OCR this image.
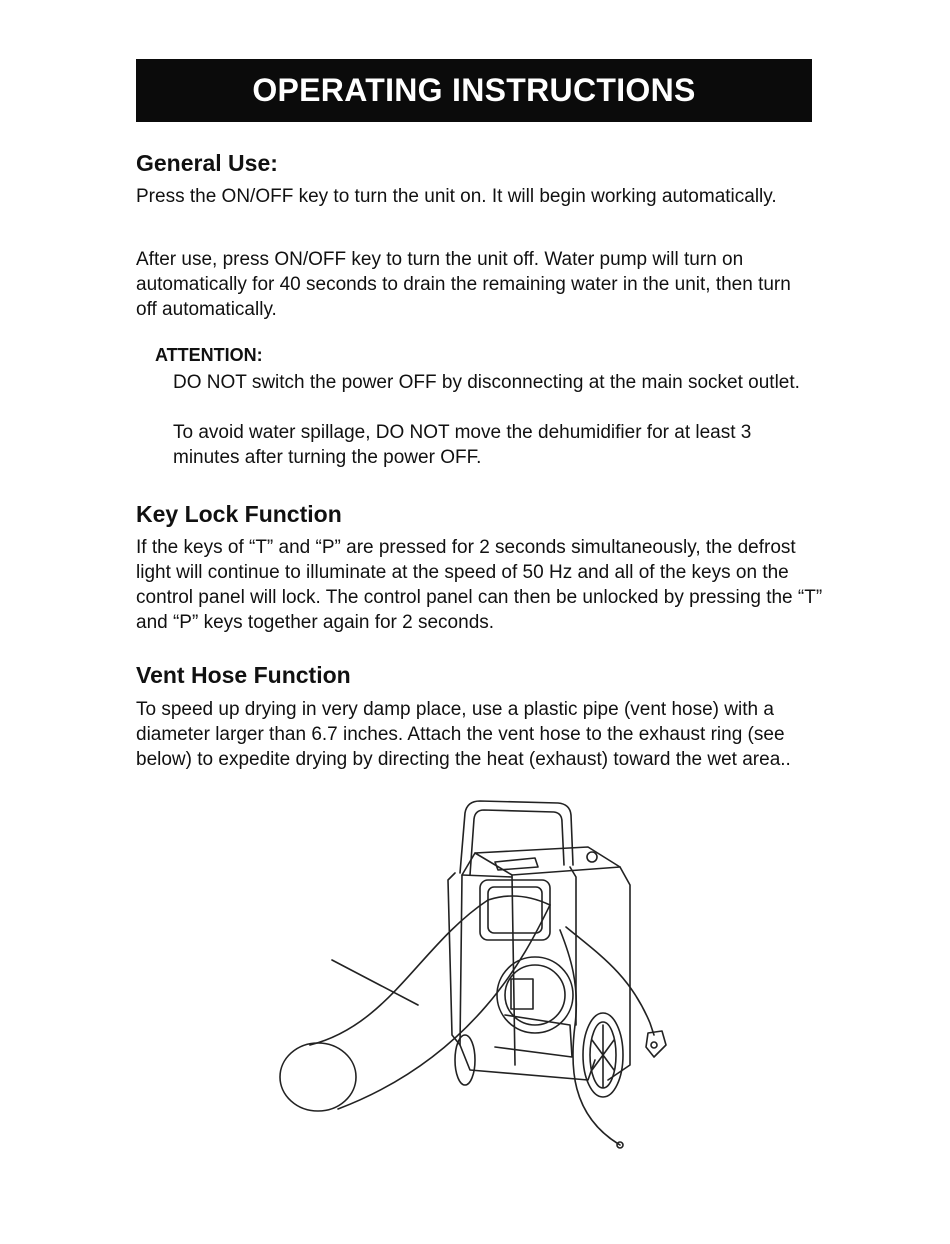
OPERATING INSTRUCTIONS
General Use:

Press the ON/OFF key to turn the unit on. It will begin working automatically.

After use, press ON/OFF key to turn the unit off. Water pump will turn on automatically for 40 seconds to drain the remaining water in the unit, then turn off automatically.

ATTENTION:

DO NOT switch the power OFF by disconnecting at the main socket outlet.

To avoid water spillage, DO NOT move the dehumidifier for at least 3 minutes after turning the power OFF.

Key Lock Function

If the keys of “T” and “P” are pressed for 2 seconds simultaneously, the defrost light will continue to illuminate at the speed of 50 Hz and all of the keys on the control panel will lock. The control panel can then be unlocked by pressing the “T” and “P” keys together again for 2 seconds.

Vent Hose Function

To speed up drying in very damp place, use a plastic pipe (vent hose) with a diameter larger than 6.7 inches. Attach the vent hose to the exhaust ring (see below) to expedite drying by directing the heat (exhaust) toward the wet area..
